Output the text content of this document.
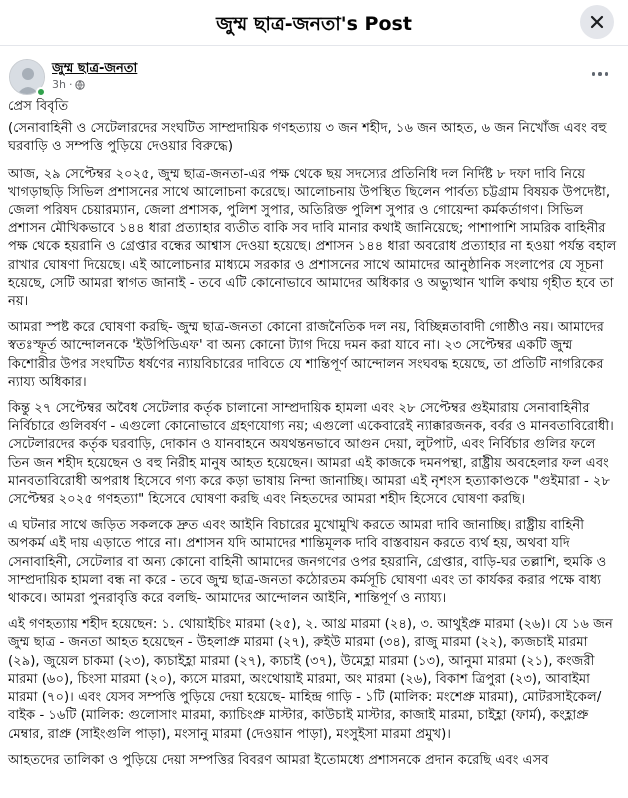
জুম্ম ছাত্র-জনতা's Post
জুম্ম ছাত্র-জনতা
3h ·

প্রেস বিবৃতি

(সেনাবাহিনী ও সেটেলারদের সংঘটিত সাম্প্রদায়িক গণহত্যায় ৩ জন শহীদ, ১৬ জন আহত, ৬ জন নিখোঁজ এবং বহু ঘরবাড়ি ও সম্পত্তি পুড়িয়ে দেওয়ার বিরুদ্ধে)

আজ, ২৯ সেপ্টেম্বর ২০২৫, জুম্ম ছাত্র-জনতা-এর পক্ষ থেকে ছয় সদস্যের প্রতিনিধি দল নির্দিষ্ট ৮ দফা দাবি নিয়ে খাগড়াছড়ি সিভিল প্রশাসনের সাথে আলোচনা করেছে। আলোচনায় উপস্থিত ছিলেন পার্বত্য চট্টগ্রাম বিষয়ক উপদেষ্টা, জেলা পরিষদ চেয়ারম্যান, জেলা প্রশাসক, পুলিশ সুপার, অতিরিক্ত পুলিশ সুপার ও গোয়েন্দা কর্মকর্তাগণ। সিভিল প্রশাসন মৌখিকভাবে ১৪৪ ধারা প্রত্যাহার ব্যতীত বাকি সব দাবি মানার কথাই জানিয়েছে; পাশাপাশি সামরিক বাহিনীর পক্ষ থেকে হয়রানি ও গ্রেপ্তার বন্ধের আশ্বাস দেওয়া হয়েছে। প্রশাসন ১৪৪ ধারা অবরোধ প্রত্যাহার না হওয়া পর্যন্ত বহাল রাখার ঘোষণা দিয়েছে। এই আলোচনার মাধ্যমে সরকার ও প্রশাসনের সাথে আমাদের আনুষ্ঠানিক সংলাপের যে সূচনা হয়েছে, সেটি আমরা স্বাগত জানাই - তবে এটি কোনোভাবে আমাদের অধিকার ও অভ্যুত্থান খালি কথায় গৃহীত হবে তা নয়।

আমরা স্পষ্ট করে ঘোষণা করছি- জুম্ম ছাত্র-জনতা কোনো রাজনৈতিক দল নয়, বিচ্ছিন্নতাবাদী গোষ্ঠীও নয়। আমাদের স্বতঃস্ফূর্ত আন্দোলনকে 'ইউপিডিএফ' বা অন্য কোনো ট্যাগ দিয়ে দমন করা যাবে না। ২৩ সেপ্টেম্বর একটি জুম্ম কিশোরীর উপর সংঘটিত ধর্ষণের ন্যায়বিচারের দাবিতে যে শান্তিপূর্ণ আন্দোলন সংঘবদ্ধ হয়েছে, তা প্রতিটি নাগরিকের ন্যায্য অধিকার।

কিন্তু ২৭ সেপ্টেম্বর অবৈধ সেটেলার কর্তৃক চালানো সাম্প্রদায়িক হামলা এবং ২৮ সেপ্টেম্বর গুইমারায় সেনাবাহিনীর নির্বিচারে গুলিবর্ষণ - এগুলো কোনোভাবে গ্রহণযোগ্য নয়; এগুলো একেবারেই ন্যাক্কারজনক, বর্বর ও মানবতাবিরোধী। সেটেলারদের কর্তৃক ঘরবাড়ি, দোকান ও যানবাহনে অযথন্তনভাবে আগুন দেয়া, লুটপাট, এবং নির্বিচার গুলির ফলে তিন জন শহীদ হয়েছেন ও বহু নিরীহ মানুষ আহত হয়েছেন। আমরা এই কাজকে দমনপন্থা, রাষ্ট্রীয় অবহেলার ফল এবং মানবতাবিরোধী অপরাধ হিসেবে গণ্য করে কড়া ভাষায় নিন্দা জানাচ্ছি। আমরা এই নৃশংস হত্যাকাণ্ডকে "গুইমারা - ২৮ সেপ্টেম্বর ২০২৫ গণহত্যা" হিসেবে ঘোষণা করছি এবং নিহতদের আমরা শহীদ হিসেবে ঘোষণা করছি।

এ ঘটনার সাথে জড়িত সকলকে দ্রুত এবং আইনি বিচারের মুখোমুখি করতে আমরা দাবি জানাচ্ছি। রাষ্ট্রীয় বাহিনী অপকর্ম এই দায় এড়াতে পারে না। প্রশাসন যদি আমাদের শান্তিমূলক দাবি বাস্তবায়ন করতে ব্যর্থ হয়, অথবা যদি সেনাবাহিনী, সেটেলার বা অন্য কোনো বাহিনী আমাদের জনগণের ওপর হয়রানি, গ্রেপ্তার, বাড়ি-ঘর তল্লাশি, হুমকি ও সাম্প্রদায়িক হামলা বন্ধ না করে - তবে জুম্ম ছাত্র-জনতা কঠোরতম কর্মসূচি ঘোষণা এবং তা কার্যকর করার পক্ষে বাধ্য থাকবে। আমরা পুনরাবৃত্তি করে বলছি- আমাদের আন্দোলন আইনি, শান্তিপূর্ণ ও ন্যায্য।

এই গণহত্যায় শহীদ হয়েছেন: ১. থোয়াইচিং মারমা (২৫), ২. আথ্র মারমা (২৪), ৩. আথুইপ্রু মারমা (২৬)। যে ১৬ জন জুম্ম ছাত্র - জনতা আহত হয়েছেন - উহলাপ্রু মারমা (২৭), রুইউ মারমা (৩৪), রাজু মারমা (২২), ক্যজচাই মারমা (২৯), জুয়েল চাকমা (২৩), ক্যচাইহ্লা মারমা (২৭), ক্যচাই (৩৭), উমেহ্লা মারমা (১৩), আনুমা মারমা (২১), কংজরী মারমা (৬০), চিংসা মারমা (২০), ক্যসে মারমা, অংথোয়াই মারমা, অং মারমা (২৬), বিকাশ ত্রিপুরা (২৩), আবাইমা মারমা (৭০)। এবং যেসব সম্পত্তি পুড়িয়ে দেয়া হয়েছে- মাহিন্দ্র গাড়ি - ১টি (মালিক: মংশেপ্রু মারমা), মোটরসাইকেল/বাইক - ১৬টি (মালিক: গুলোসাং মারমা, ক্যাচিংপ্রু মাস্টার, কাউচাই মাস্টার, কাজাই মারমা, চাইহ্লা (ফার্ম), কংহ্লাপ্রু মেম্বার, রাপ্রু (সাইংগুলি পাড়া), মংসানু মারমা (দেওয়ান পাড়া), মংসুইসা মারমা প্রমুখ)।

আহতদের তালিকা ও পুড়িয়ে দেয়া সম্পত্তির বিবরণ আমরা ইতোমধ্যে প্রশাসনকে প্রদান করেছি এবং এসব
